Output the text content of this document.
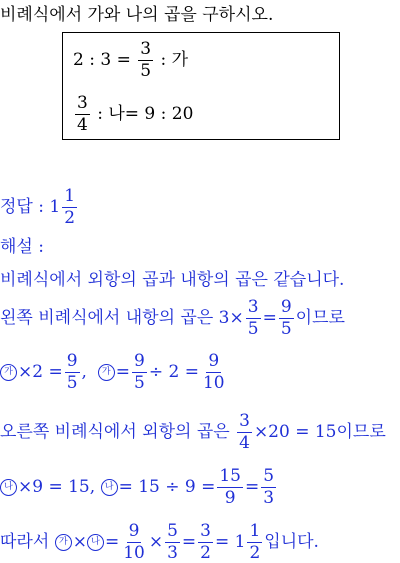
비례식에서 가와 나의 곱을 구하시오.
2 : $3 = \frac{3}{5}$ : 가
$\frac{3}{4}$ : 나= 9 : 20
정답 : $1 \frac{1}{2}$
해설 :
비례식에서 외항의 곱과 내항의 곱은 같습니다.
왼쪽 비례식에서 내항의 곱은 $3\times \frac{3}{5} = \frac{9}{5}$ 이므로
가 $\times 2 = \frac{9}{5}$ , 가 = $\frac{9}{5} \div 2 = \frac{9}{10}$
오른쪽 비례식에서 외항의 곱은 $\frac{3}{4} \times 20 = 15$이므로
나 ×9 = 15, 나 = $15 \div 9 = \frac{15}{9} = \frac{5}{3}$
따라서 가 × 나 = $\frac{9}{10} \times \frac{5}{3} = \frac{3}{2} = 1 \frac{1}{2}$ 입니다.
